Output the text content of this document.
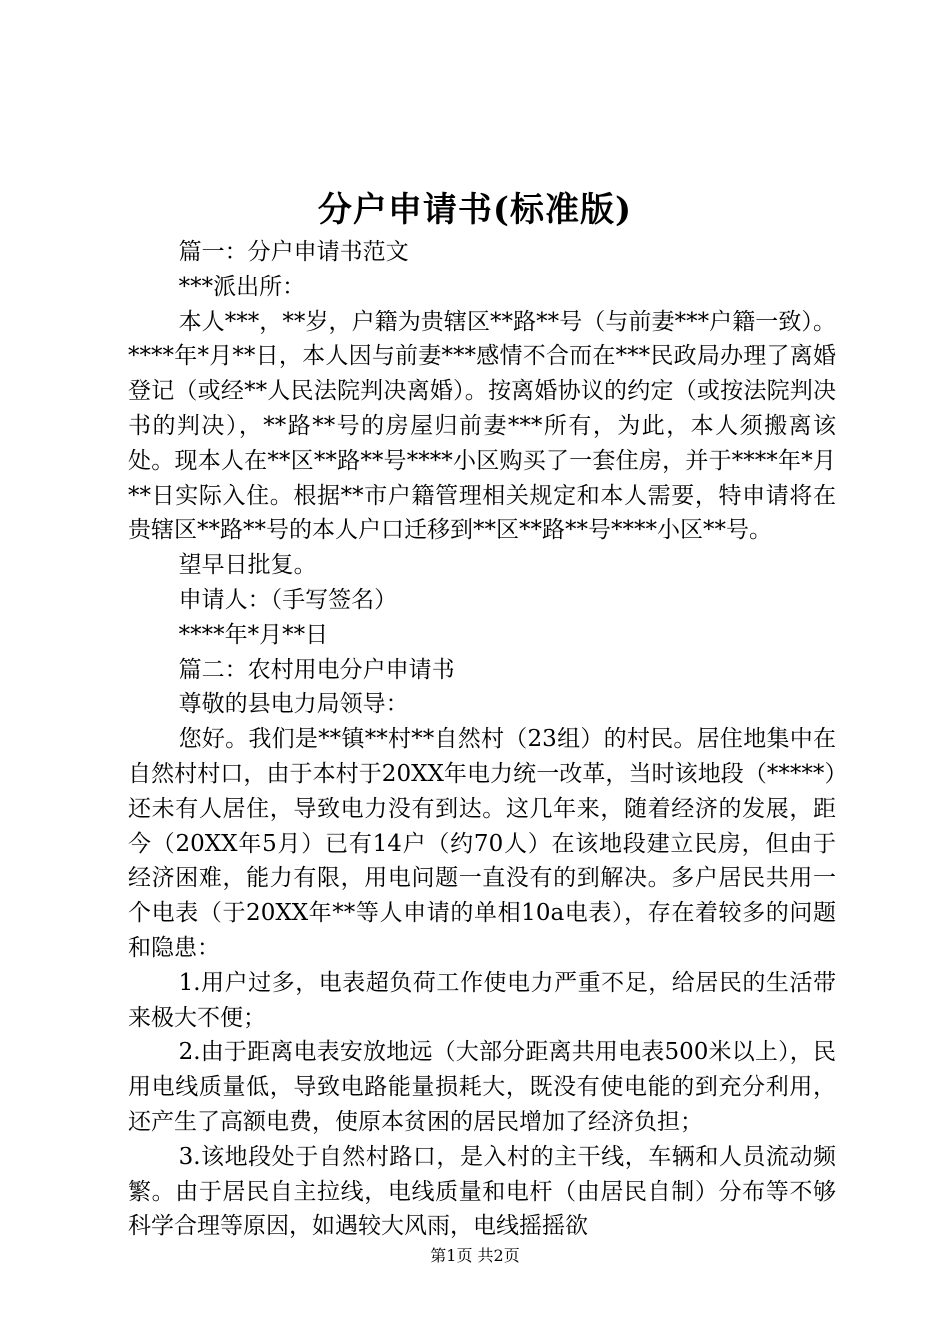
分户申请书(标准版)

篇一：分户申请书范文

***派出所：

本人***，**岁，户籍为贵辖区**路**号（与前妻***户籍一致）。****年*月**日，本人因与前妻***感情不合而在***民政局办理了离婚登记（或经**人民法院判决离婚）。按离婚协议的约定（或按法院判决书的判决），**路**号的房屋归前妻***所有，为此，本人须搬离该处。现本人在**区**路**号****小区购买了一套住房，并于****年*月**日实际入住。根据**市户籍管理相关规定和本人需要，特申请将在贵辖区**路**号的本人户口迁移到**区**路**号****小区**号。

望早日批复。

申请人：（手写签名）

****年*月**日

篇二：农村用电分户申请书

尊敬的县电力局领导：

您好。我们是**镇**村**自然村（23组）的村民。居住地集中在自然村村口，由于本村于20XX年电力统一改革，当时该地段（*****）还未有人居住，导致电力没有到达。这几年来，随着经济的发展，距今（20XX年5月）已有14户（约70人）在该地段建立民房，但由于经济困难，能力有限，用电问题一直没有的到解决。多户居民共用一个电表（于20XX年**等人申请的单相10a电表），存在着较多的问题和隐患：

1.用户过多，电表超负荷工作使电力严重不足，给居民的生活带来极大不便；

2.由于距离电表安放地远（大部分距离共用电表500米以上），民用电线质量低，导致电路能量损耗大，既没有使电能的到充分利用，还产生了高额电费，使原本贫困的居民增加了经济负担；

3.该地段处于自然村路口，是入村的主干线，车辆和人员流动频繁。由于居民自主拉线，电线质量和电杆（由居民自制）分布等不够科学合理等原因，如遇较大风雨，电线摇摇欲

第1页 共2页
